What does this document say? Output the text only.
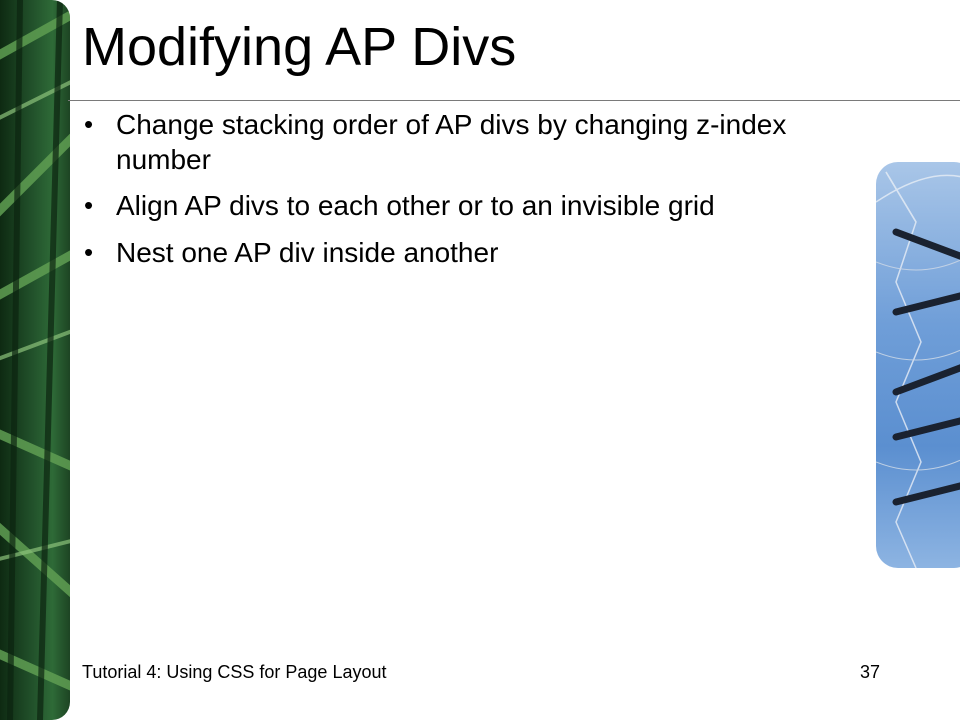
Modifying AP Divs
• Change stacking order of AP divs by changing z-index number
• Align AP divs to each other or to an invisible grid
• Nest one AP div inside another
Tutorial 4: Using CSS for Page Layout	37
